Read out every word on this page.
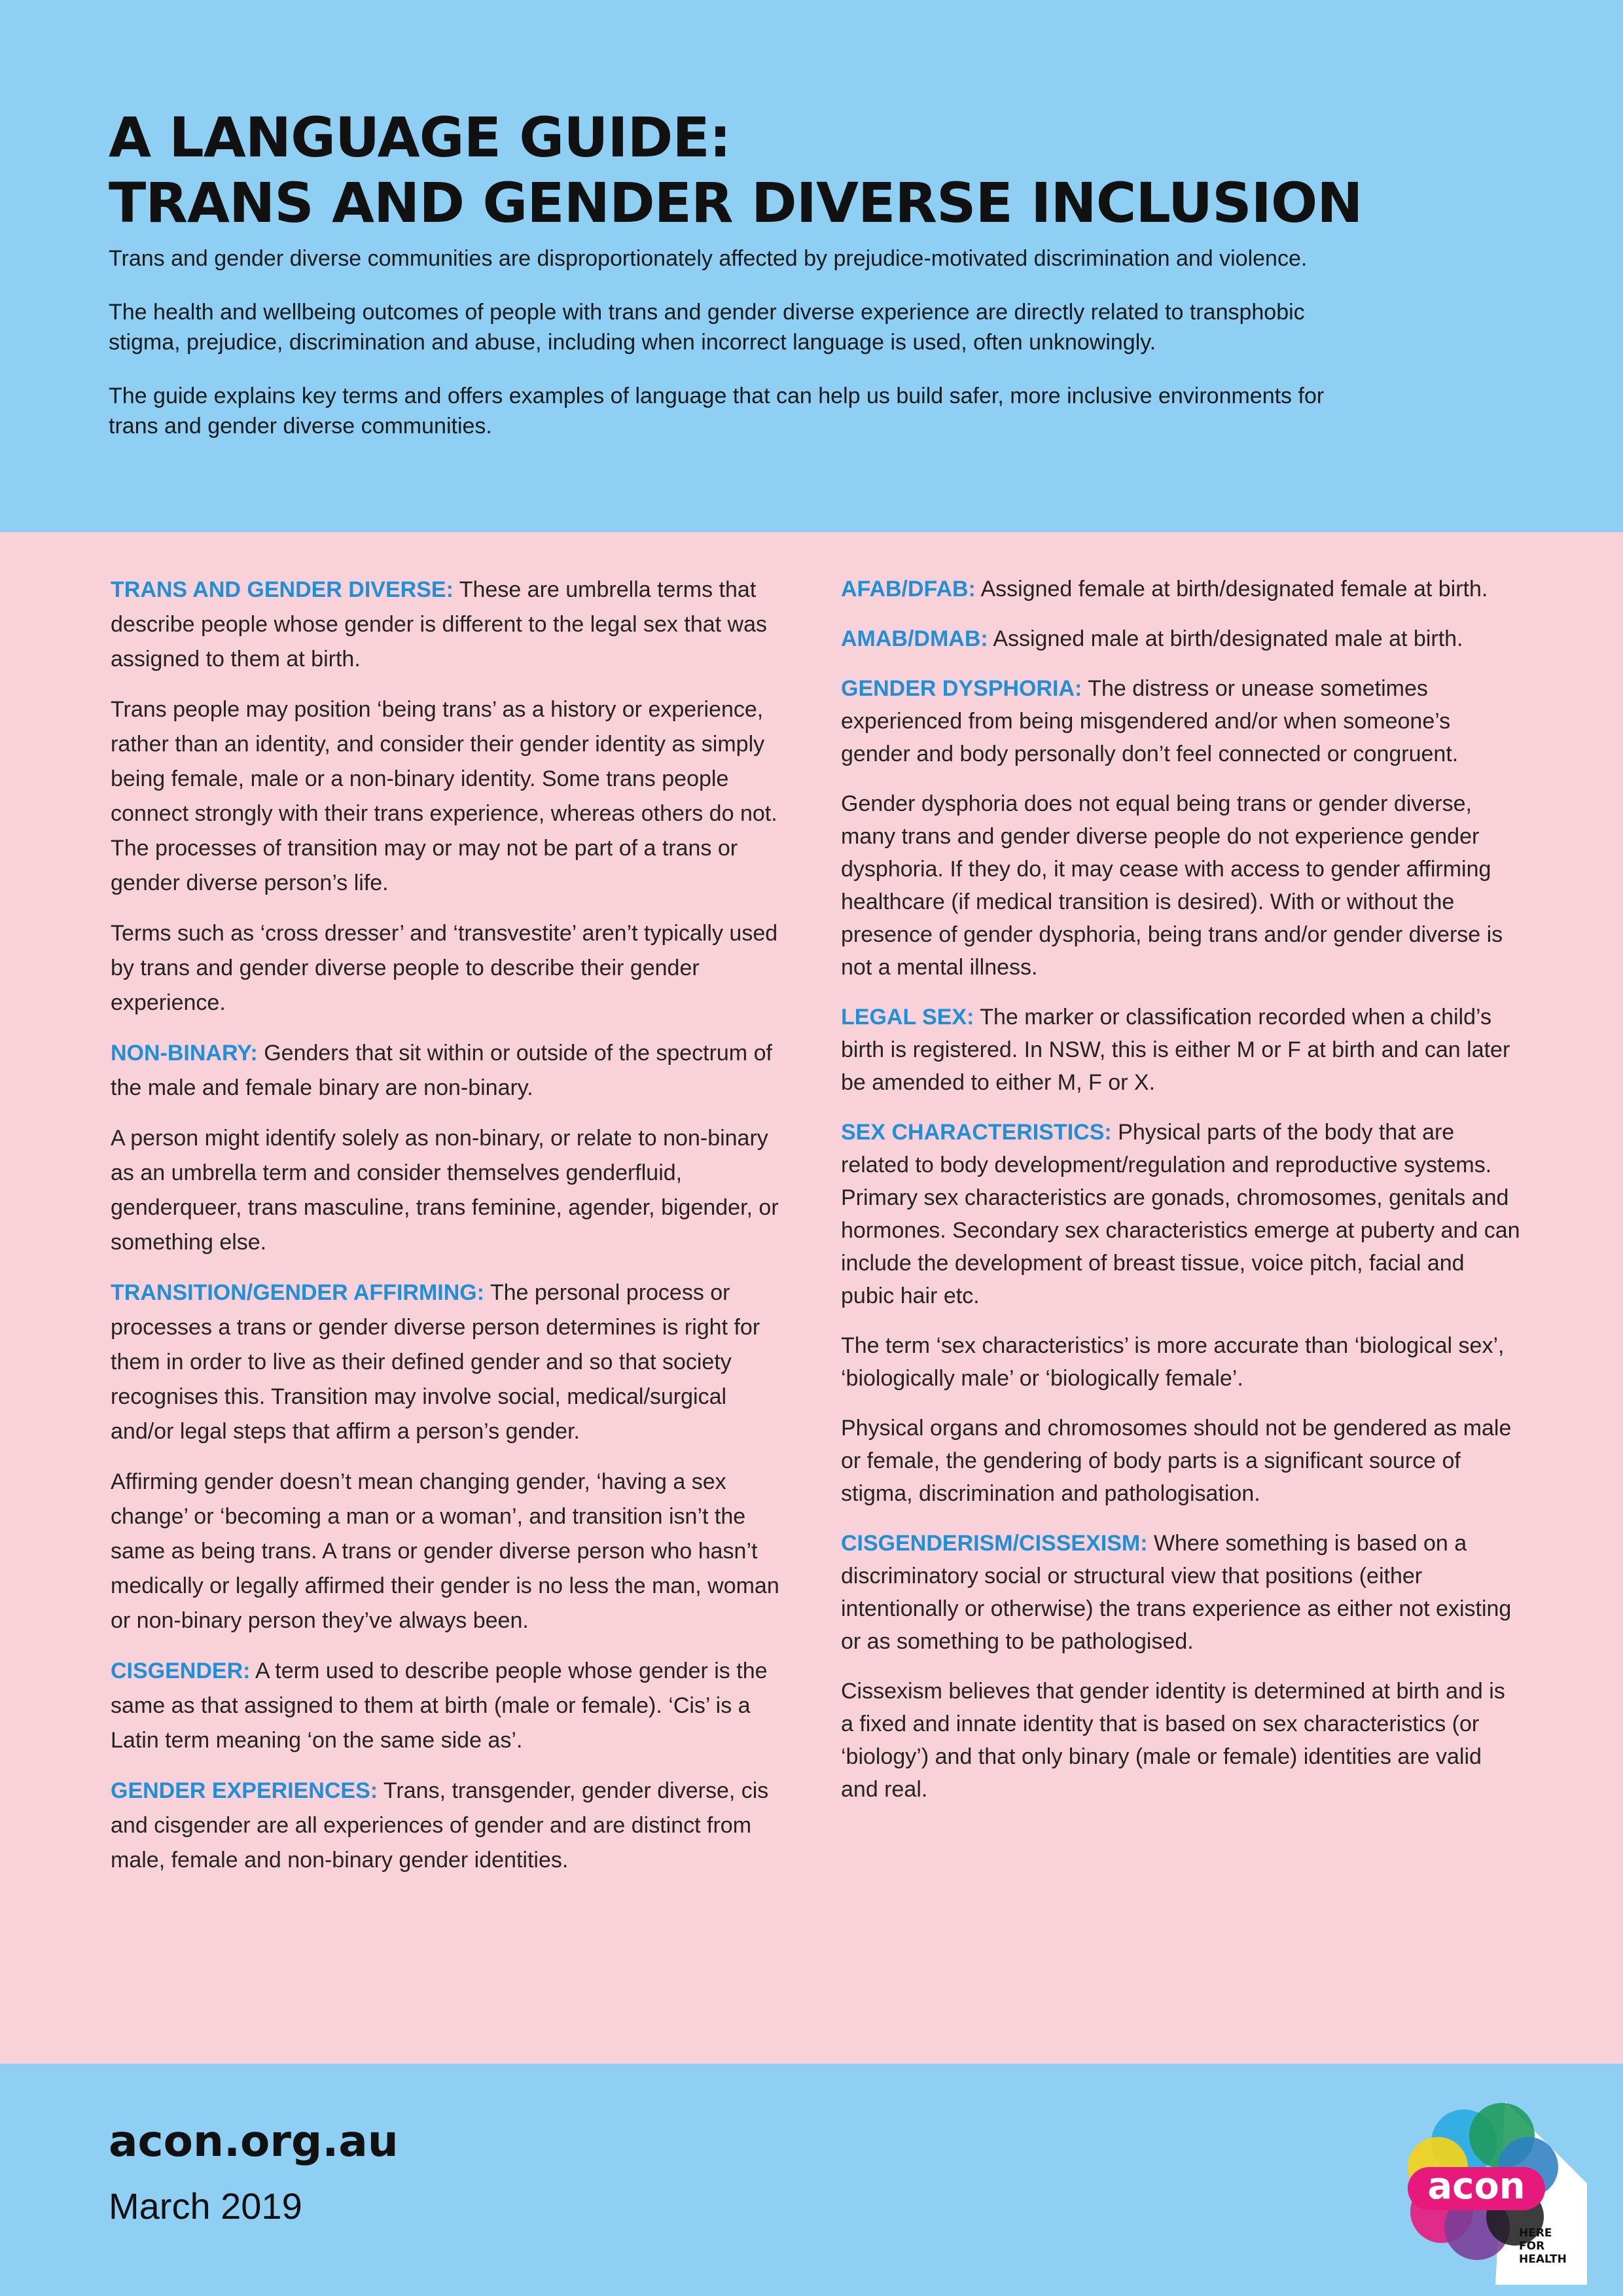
A LANGUAGE GUIDE:
TRANS AND GENDER DIVERSE INCLUSION

Trans and gender diverse communities are disproportionately affected by prejudice-motivated discrimination and violence.

The health and wellbeing outcomes of people with trans and gender diverse experience are directly related to transphobic stigma, prejudice, discrimination and abuse, including when incorrect language is used, often unknowingly.

The guide explains key terms and offers examples of language that can help us build safer, more inclusive environments for trans and gender diverse communities.

TRANS AND GENDER DIVERSE: These are umbrella terms that describe people whose gender is different to the legal sex that was assigned to them at birth.

Trans people may position ‘being trans’ as a history or experience, rather than an identity, and consider their gender identity as simply being female, male or a non-binary identity. Some trans people connect strongly with their trans experience, whereas others do not. The processes of transition may or may not be part of a trans or gender diverse person’s life.

Terms such as ‘cross dresser’ and ‘transvestite’ aren’t typically used by trans and gender diverse people to describe their gender experience.

NON-BINARY: Genders that sit within or outside of the spectrum of the male and female binary are non-binary.

A person might identify solely as non-binary, or relate to non-binary as an umbrella term and consider themselves genderfluid, genderqueer, trans masculine, trans feminine, agender, bigender, or something else.

TRANSITION/GENDER AFFIRMING: The personal process or processes a trans or gender diverse person determines is right for them in order to live as their defined gender and so that society recognises this. Transition may involve social, medical/surgical and/or legal steps that affirm a person’s gender.

Affirming gender doesn’t mean changing gender, ‘having a sex change’ or ‘becoming a man or a woman’, and transition isn’t the same as being trans. A trans or gender diverse person who hasn’t medically or legally affirmed their gender is no less the man, woman or non-binary person they’ve always been.

CISGENDER: A term used to describe people whose gender is the same as that assigned to them at birth (male or female). ‘Cis’ is a Latin term meaning ‘on the same side as’.

GENDER EXPERIENCES: Trans, transgender, gender diverse, cis and cisgender are all experiences of gender and are distinct from male, female and non-binary gender identities.

AFAB/DFAB: Assigned female at birth/designated female at birth.

AMAB/DMAB: Assigned male at birth/designated male at birth.

GENDER DYSPHORIA: The distress or unease sometimes experienced from being misgendered and/or when someone’s gender and body personally don’t feel connected or congruent.

Gender dysphoria does not equal being trans or gender diverse, many trans and gender diverse people do not experience gender dysphoria. If they do, it may cease with access to gender affirming healthcare (if medical transition is desired). With or without the presence of gender dysphoria, being trans and/or gender diverse is not a mental illness.

LEGAL SEX: The marker or classification recorded when a child’s birth is registered. In NSW, this is either M or F at birth and can later be amended to either M, F or X.

SEX CHARACTERISTICS: Physical parts of the body that are related to body development/regulation and reproductive systems. Primary sex characteristics are gonads, chromosomes, genitals and hormones. Secondary sex characteristics emerge at puberty and can include the development of breast tissue, voice pitch, facial and pubic hair etc.

The term ‘sex characteristics’ is more accurate than ‘biological sex’, ‘biologically male’ or ‘biologically female’.

Physical organs and chromosomes should not be gendered as male or female, the gendering of body parts is a significant source of stigma, discrimination and pathologisation.

CISGENDERISM/CISSEXISM: Where something is based on a discriminatory social or structural view that positions (either intentionally or otherwise) the trans experience as either not existing or as something to be pathologised.

Cissexism believes that gender identity is determined at birth and is a fixed and innate identity that is based on sex characteristics (or ‘biology’) and that only binary (male or female) identities are valid and real.

acon.org.au
March 2019	acon
HERE
FOR
HEALTH
